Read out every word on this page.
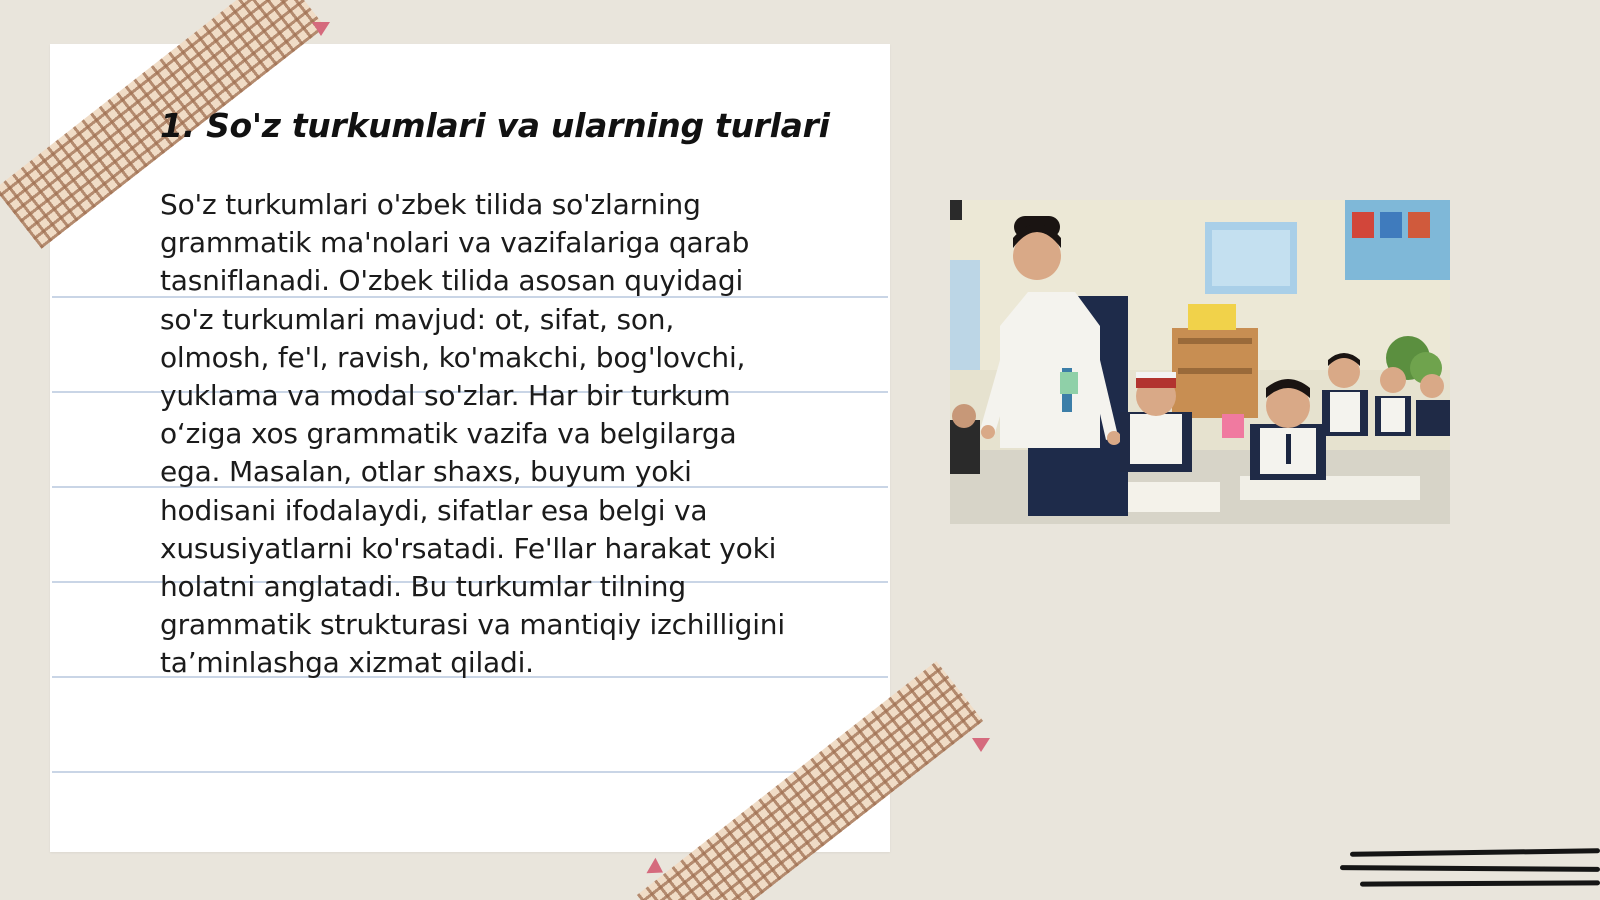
1. So'z turkumlari va ularning turlari
So'z turkumlari o'zbek tilida so'zlarning
grammatik ma'nolari va vazifalariga qarab
tasniflanadi. O'zbek tilida asosan quyidagi
so'z turkumlari mavjud: ot, sifat, son,
olmosh, fe'l, ravish, ko'makchi, bog'lovchi,
yuklama va modal so'zlar. Har bir turkum
o‘ziga xos grammatik vazifa va belgilarga
ega. Masalan, otlar shaxs, buyum yoki
hodisani ifodalaydi, sifatlar esa belgi va
xususiyatlarni ko'rsatadi. Fe'llar harakat yoki
holatni anglatadi. Bu turkumlar tilning
grammatik strukturasi va mantiqiy izchilligini
ta’minlashga xizmat qiladi.
